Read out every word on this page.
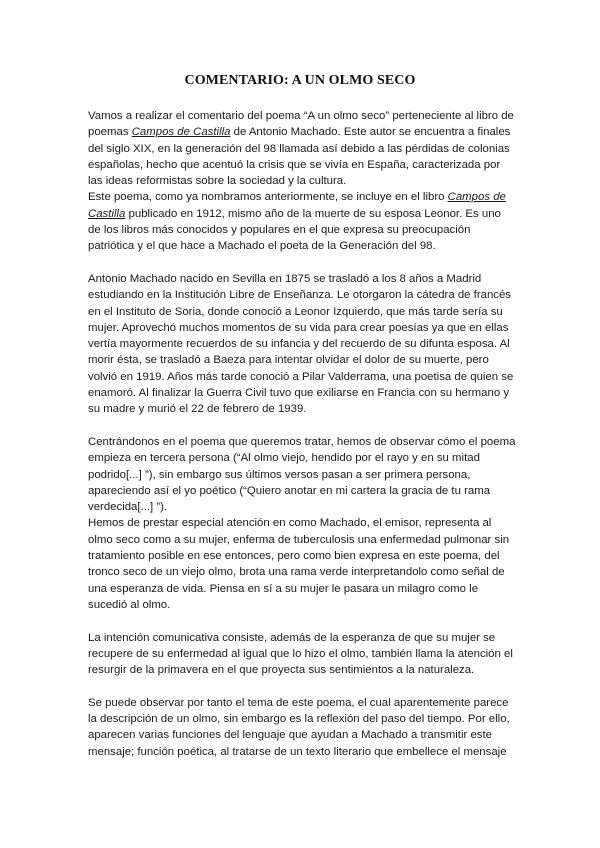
COMENTARIO: A UN OLMO SECO
Vamos a realizar el comentario del poema “A un olmo seco” perteneciente al libro de
poemas Campos de Castilla de Antonio Machado. Este autor se encuentra a finales
del siglo XIX, en la generación del 98 llamada así debido a las pérdidas de colonias
españolas, hecho que acentuó la crisis que se vivía en España, caracterizada por
las ideas reformistas sobre la sociedad y la cultura.
Este poema, como ya nombramos anteriormente, se incluye en el libro Campos de
Castilla publicado en 1912, mismo año de la muerte de su esposa Leonor. Es uno
de los libros más conocidos y populares en el que expresa su preocupación
patriótica y el que hace a Machado el poeta de la Generación del 98.
Antonio Machado nacido en Sevilla en 1875 se trasladó a los 8 años a Madrid
estudiando en la Institución Libre de Enseñanza. Le otorgaron la cátedra de francés
en el Instituto de Soria, donde conoció a Leonor Izquierdo, que más tarde sería su
mujer. Aprovechó muchos momentos de su vida para crear poesías ya que en ellas
vertía mayormente recuerdos de su infancia y del recuerdo de su difunta esposa. Al
morir ésta, se trasladó a Baeza para intentar olvidar el dolor de su muerte, pero
volvió en 1919. Años más tarde conoció a Pilar Valderrama, una poetisa de quien se
enamoró. Al finalizar la Guerra Civil tuvo que exiliarse en Francia con su hermano y
su madre y murió el 22 de febrero de 1939.
Centrándonos en el poema que queremos tratar, hemos de observar cómo el poema
empieza en tercera persona (“Al olmo viejo, hendido por el rayo y en su mitad
podrido[...] ”), sin embargo sus últimos versos pasan a ser primera persona,
apareciendo así el yo poético (“Quiero anotar en mi cartera la gracia de tu rama
verdecida[...] ”).
Hemos de prestar especial atención en como Machado, el emisor, representa al
olmo seco como a su mujer, enferma de tuberculosis una enfermedad pulmonar sin
tratamiento posible en ese entonces, pero como bien expresa en este poema, del
tronco seco de un viejo olmo, brota una rama verde interpretandolo como señal de
una esperanza de vida. Piensa en sí a su mujer le pasara un milagro como le
sucedió al olmo.
La intención comunicativa consiste, además de la esperanza de que su mujer se
recupere de su enfermedad al igual que lo hizo el olmo, también llama la atención el
resurgir de la primavera en el que proyecta sus sentimientos a la naturaleza.
Se puede observar por tanto el tema de este poema, el cual aparentemente parece
la descripción de un olmo, sin embargo es la reflexión del paso del tiempo. Por ello,
aparecen varias funciones del lenguaje que ayudan a Machado a transmitir este
mensaje; función poética, al tratarse de un texto literario que embellece el mensaje
